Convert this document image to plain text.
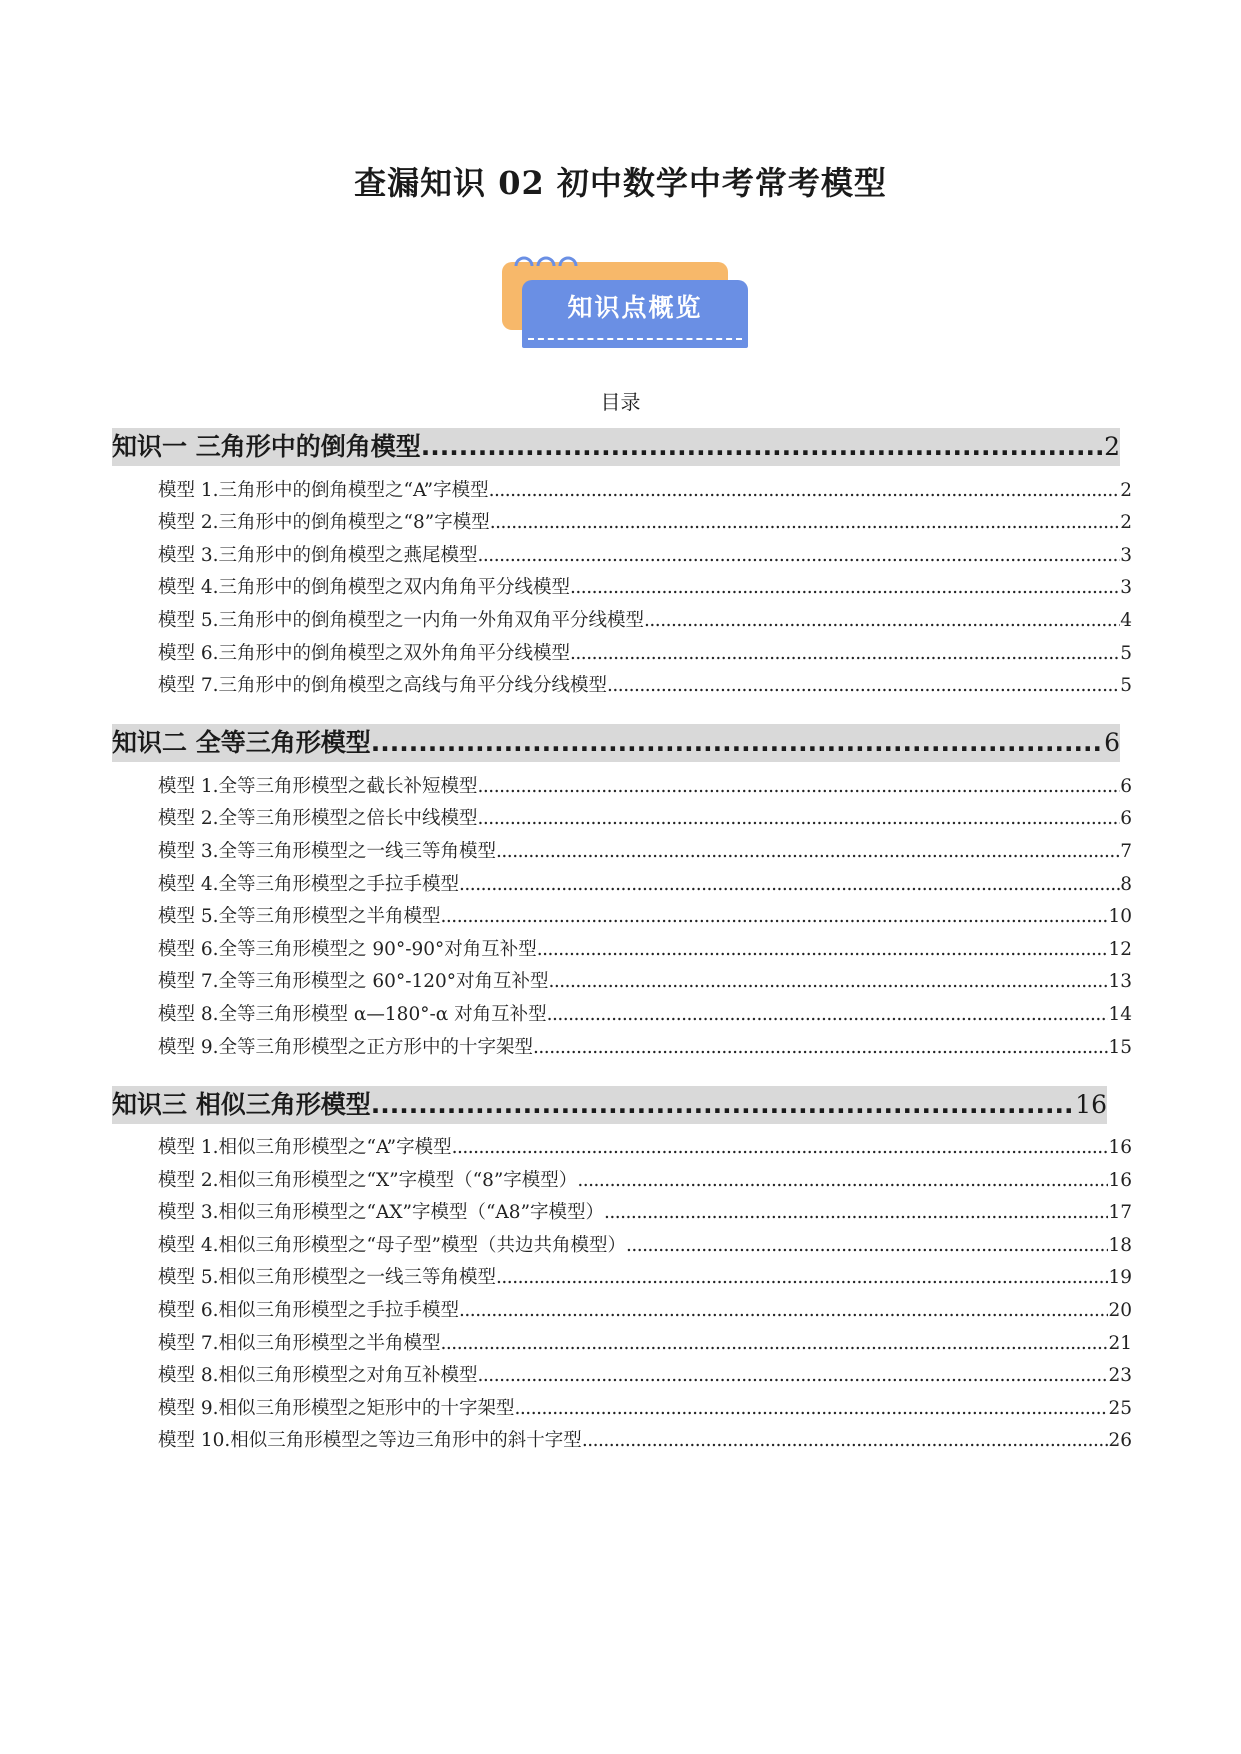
查漏知识 02 初中数学中考常考模型
知识点概览
目录
知识一 三角形中的倒角模型 .....	2
模型 1.三角形中的倒角模型之“A”字模型 .....	2
模型 2.三角形中的倒角模型之“8”字模型 .....	2
模型 3.三角形中的倒角模型之燕尾模型 .....	3
模型 4.三角形中的倒角模型之双内角角平分线模型 .....	3
模型 5.三角形中的倒角模型之一内角一外角双角平分线模型 .....	4
模型 6.三角形中的倒角模型之双外角角平分线模型 .....	5
模型 7.三角形中的倒角模型之高线与角平分线分线模型 .....	5
知识二 全等三角形模型 .....	6
模型 1.全等三角形模型之截长补短模型 .....	6
模型 2.全等三角形模型之倍长中线模型 .....	6
模型 3.全等三角形模型之一线三等角模型 .....	7
模型 4.全等三角形模型之手拉手模型 .....	8
模型 5.全等三角形模型之半角模型 .....	10
模型 6.全等三角形模型之 90°-90°对角互补型 .....	12
模型 7.全等三角形模型之 60°-120°对角互补型 .....	13
模型 8.全等三角形模型 α—180°-α 对角互补型 .....	14
模型 9.全等三角形模型之正方形中的十字架型 .....	15
知识三 相似三角形模型 .....	16
模型 1.相似三角形模型之“A”字模型 .....	16
模型 2.相似三角形模型之“X”字模型（“8”字模型） .....	16
模型 3.相似三角形模型之“AX”字模型（“A8”字模型） .....	17
模型 4.相似三角形模型之“母子型”模型（共边共角模型） .....	18
模型 5.相似三角形模型之一线三等角模型 .....	19
模型 6.相似三角形模型之手拉手模型 .....	20
模型 7.相似三角形模型之半角模型 .....	21
模型 8.相似三角形模型之对角互补模型 .....	23
模型 9.相似三角形模型之矩形中的十字架型 .....	25
模型 10.相似三角形模型之等边三角形中的斜十字型 .....	26
